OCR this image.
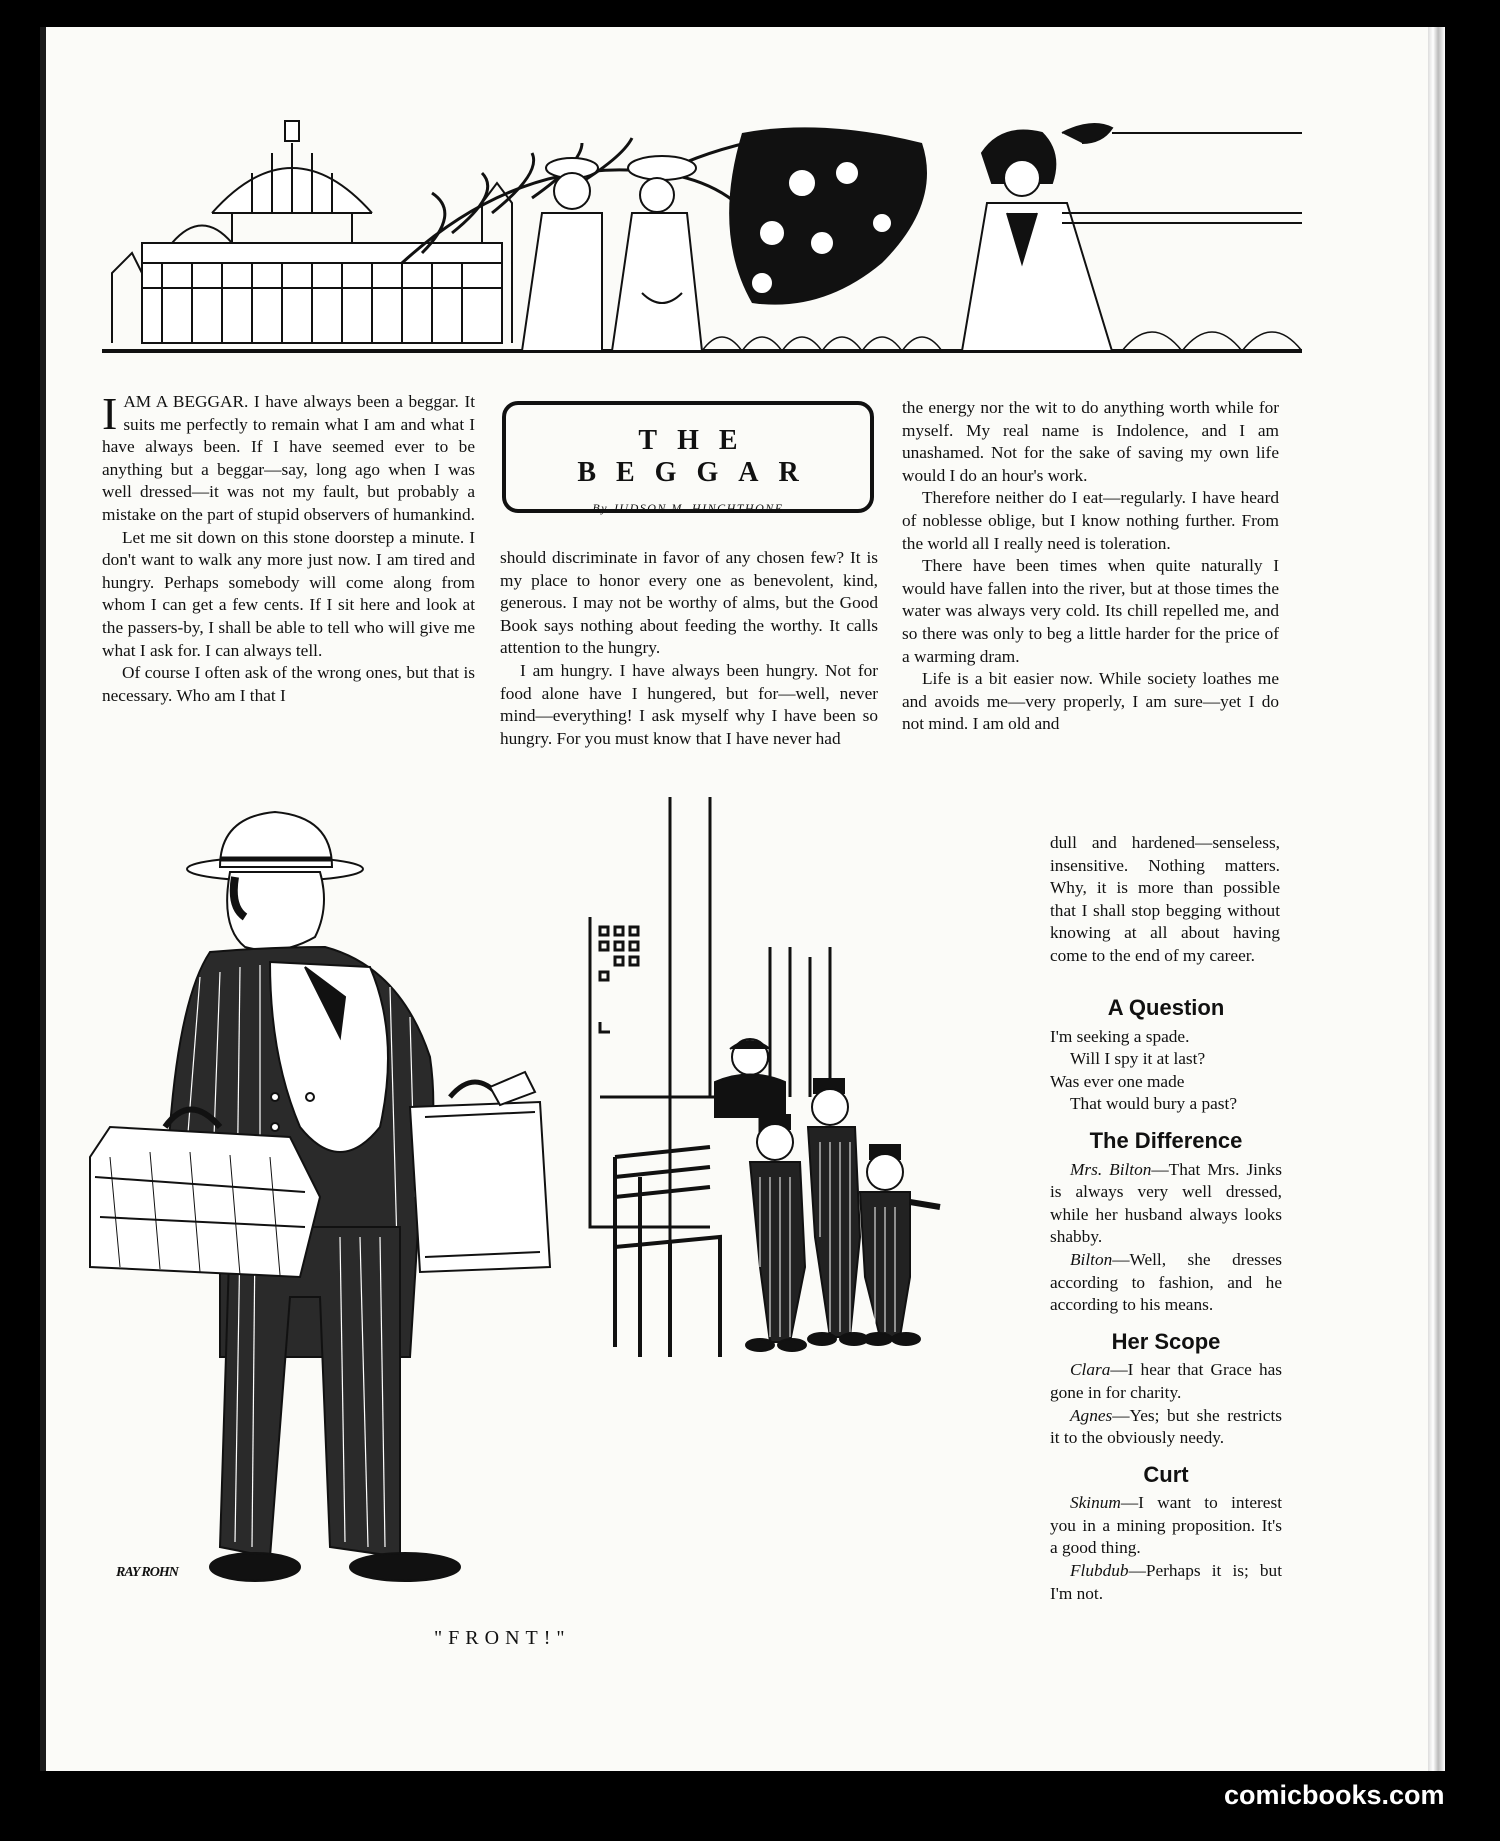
IAM A BEGGAR. I have always been a beggar. It suits me perfectly to remain what I am and what I have always been. If I have seemed ever to be anything but a beggar—say, long ago when I was well dressed—it was not my fault, but probably a mistake on the part of stupid observers of humankind.

Let me sit down on this stone doorstep a minute. I don't want to walk any more just now. I am tired and hungry. Perhaps somebody will come along from whom I can get a few cents. If I sit here and look at the passers-by, I shall be able to tell who will give me what I ask for. I can always tell.

Of course I often ask of the wrong ones, but that is necessary. Who am I that I

THE BEGGAR
By JUDSON M. HINCHTHONE

should discriminate in favor of any chosen few? It is my place to honor every one as benevolent, kind, generous. I may not be worthy of alms, but the Good Book says nothing about feeding the worthy. It calls attention to the hungry.

I am hungry. I have always been hungry. Not for food alone have I hungered, but for—well, never mind—everything! I ask myself why I have been so hungry. For you must know that I have never had

the energy nor the wit to do anything worth while for myself. My real name is Indolence, and I am unashamed. Not for the sake of saving my own life would I do an hour's work.

Therefore neither do I eat—regularly. I have heard of noblesse oblige, but I know nothing further. From the world all I really need is toleration.

There have been times when quite naturally I would have fallen into the river, but at those times the water was always very cold. Its chill repelled me, and so there was only to beg a little harder for the price of a warming dram.

Life is a bit easier now. While society loathes me and avoids me—very properly, I am sure—yet I do not mind. I am old and

dull and hardened—senseless, insensitive. Nothing matters. Why, it is more than possible that I shall stop begging without knowing at all about having come to the end of my career.

A Question
I'm seeking a spade.
Will I spy it at last?
Was ever one made
That would bury a past?
The Difference

Mrs. Bilton—That Mrs. Jinks is always very well dressed, while her husband always looks shabby.

Bilton—Well, she dresses according to fashion, and he according to his means.

Her Scope

Clara—I hear that Grace has gone in for charity.

Agnes—Yes; but she restricts it to the obviously needy.

Curt

Skinum—I want to interest you in a mining proposition. It's a good thing.

Flubdub—Perhaps it is; but I'm not.

RAY ROHN
"FRONT!"
comicbooks.com
